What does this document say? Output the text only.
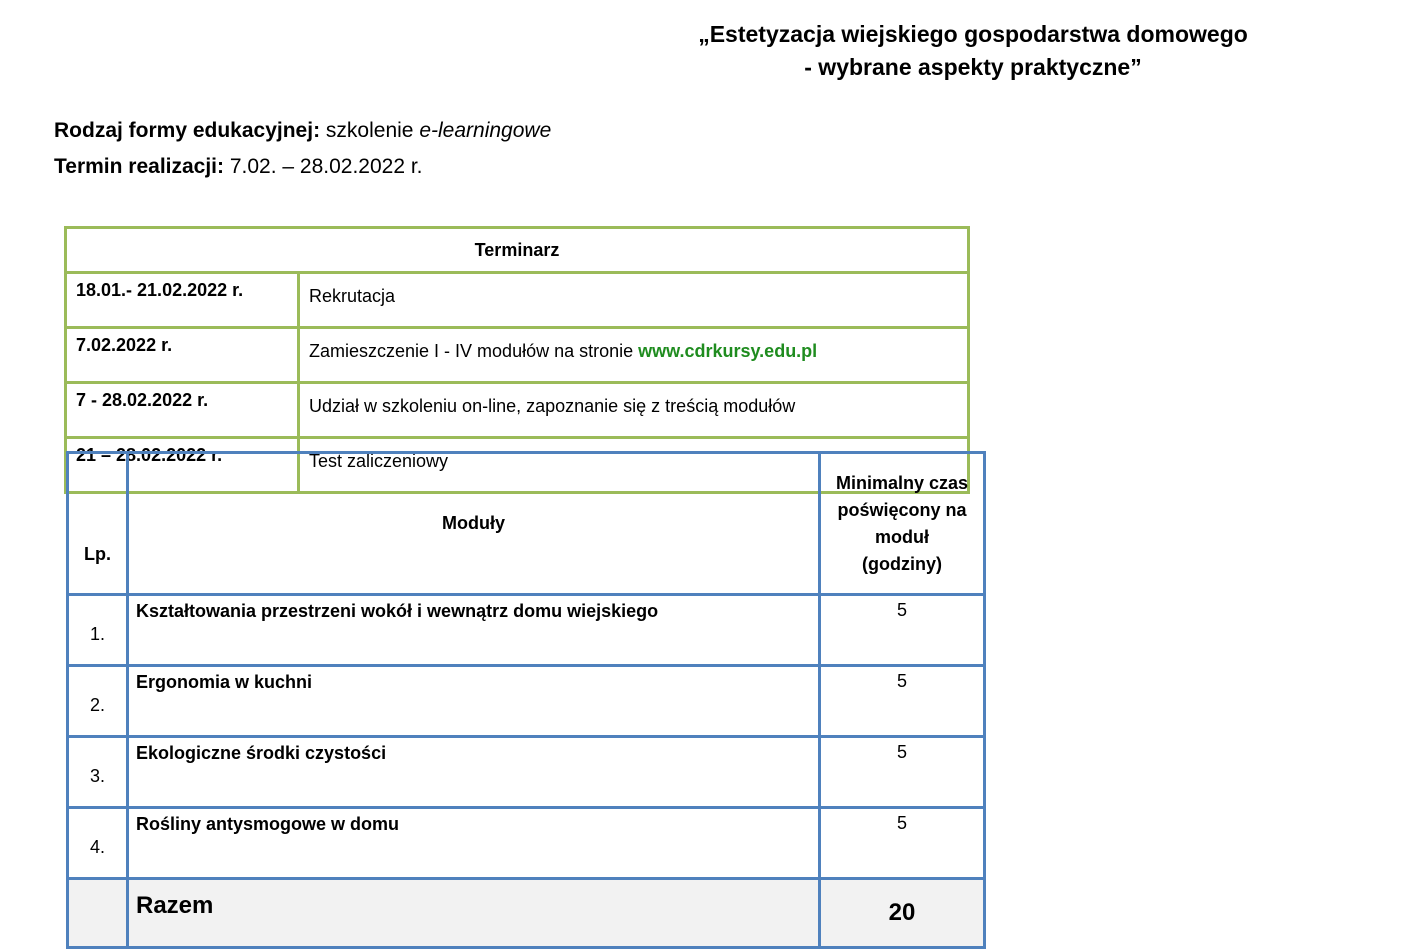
„Estetyzacja wiejskiego gospodarstwa domowego
- wybrane aspekty praktyczne”
Rodzaj formy edukacyjnej: szkolenie e-learningowe
Termin realizacji: 7.02. – 28.02.2022 r.
Terminarz	
18.01.- 21.02.2022 r.	Rekrutacja
7.02.2022 r.	Zamieszczenie I - IV modułów na stronie www.cdrkursy.edu.pl
7 - 28.02.2022 r.	Udział w szkoleniu on-line, zapoznanie się z treścią modułów
21 – 28.02.2022 r.	Test zaliczeniowy
Lp.	Moduły	Minimalny czas
poświęcony na
moduł
(godziny)

1.	Kształtowania przestrzeni wokół i wewnątrz domu wiejskiego	5
2.	Ergonomia w kuchni	5
3.	Ekologiczne środki czystości	5
4.	Rośliny antysmogowe w domu	5
	Razem	20
